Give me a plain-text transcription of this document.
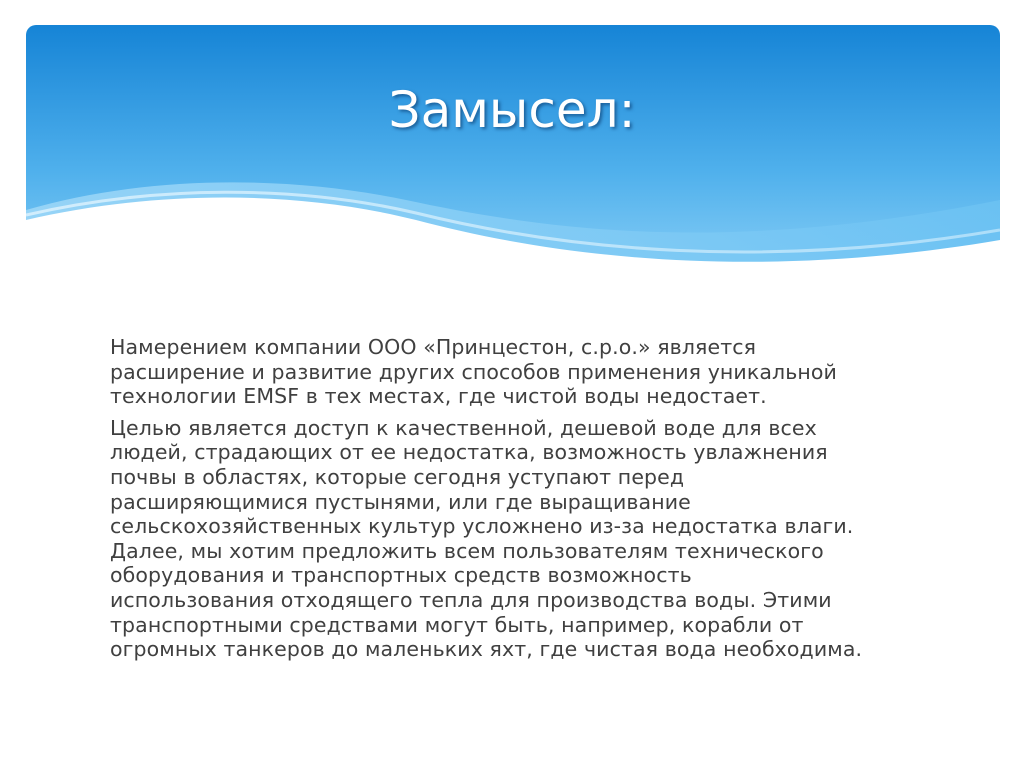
Замысел:

Намерением компании ООО «Принцестон, с.р.о.» является
расширение и развитие других способов применения уникальной
технологии EMSF в тех местах, где чистой воды недостает.

Целью является доступ к качественной, дешевой воде для всех
людей, страдающих от ее недостатка, возможность увлажнения
почвы в областях, которые сегодня уступают перед
расширяющимися пустынями, или где выращивание
сельскохозяйственных культур усложнено из-за недостатка влаги.
Далее, мы хотим предложить всем пользователям технического
оборудования и транспортных средств возможность
использования отходящего тепла для производства воды. Этими
транспортными средствами могут быть, например, корабли от
огромных танкеров до маленьких яхт, где чистая вода необходима.
